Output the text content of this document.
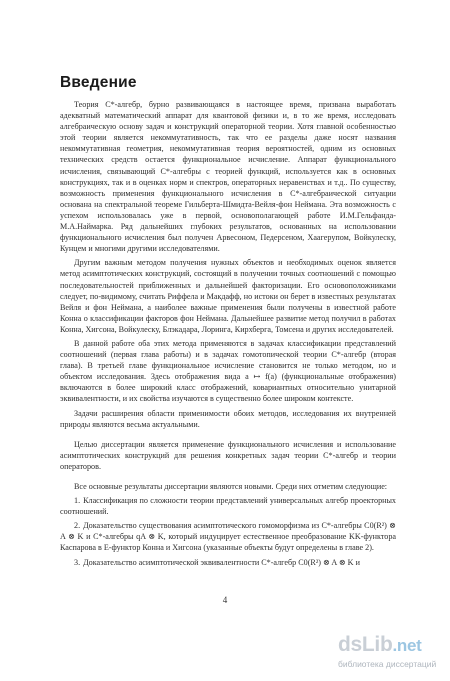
Введение

Теория C*-алгебр, бурно развивающаяся в настоящее время, призвана выработать адекватный математический аппарат для квантовой физики и, в то же время, исследовать алгебраическую основу задач и конструкций операторной теории. Хотя главной особенностью этой теории является некоммутативность, так что ее разделы даже носят названия некоммутативная геометрия, некоммутативная теория вероятностей, одним из основных технических средств остается функциональное исчисление. Аппарат функционального исчисления, связывающий C*-алгебры с теорией функций, используется как в основных конструкциях, так и в оценках норм и спектров, операторных неравенствах и т.д.. По существу, возможность применения функционального исчисления в C*-алгебраической ситуации основана на спектральной теореме Гильберта-Шмидта-Вейля-фон Неймана. Эта возможность с успехом использовалась уже в первой, основополагающей работе И.М.Гельфанда-М.А.Наймарка. Ряд дальнейших глубоких результатов, основанных на использовании функционального исчисления был получен Арвесоном, Педерсеном, Хаагерупом, Войкулеску, Кунцем и многими другими исследователями.

Другим важным методом получения нужных объектов и необходимых оценок является метод асимптотических конструкций, состоящий в получении точных соотношений с помощью последовательностей приближенных и дальнейшей факторизации. Его основоположниками следует, по-видимому, считать Риффела и Макдафф, но истоки он берет в известных результатах Вейля и фон Неймана, а наиболее важные применения были получены в известной работе Конна о классификации факторов фон Неймана. Дальнейшее развитие метод получил в работах Конна, Хигсона, Войкулеску, Блэкадара, Лоринга, Кирхберга, Томсена и других исследователей.

В данной работе оба этих метода применяются в задачах классификации представлений соотношений (первая глава работы) и в задачах гомотопической теории C*-алгебр (вторая глава). В третьей главе функциональное исчисление становится не только методом, но и объектом исследования. Здесь отображения вида a ↦ f(a) (функциональные отображения) включаются в более широкий класс отображений, ковариантных относительно унитарной эквивалентности, и их свойства изучаются в существенно более широком контексте.

Задачи расширения области применимости обоих методов, исследования их внутренней природы являются весьма актуальными.

Целью диссертации является применение функционального исчисления и использование асимптотических конструкций для решения конкретных задач теории C*-алгебр и теории операторов.

Все основные результаты диссертации являются новыми. Среди них отметим следующие:

1. Классификация по сложности теории представлений универсальных алгебр проекторных соотношений.
2. Доказательство существования асимптотического гомоморфизма из C*-алгебры C0(R²) ⊗ A ⊗ K и C*-алгебры qA ⊗ K, который индуцирует естественное преобразование KK-функтора Каспарова в E-функтор Конна и Хигсона (указанные объекты будут определены в главе 2).
3. Доказательство асимптотической эквивалентности C*-алгебр C0(R²) ⊗ A ⊗ K и
4
dsLib.net
библиотека диссертаций
